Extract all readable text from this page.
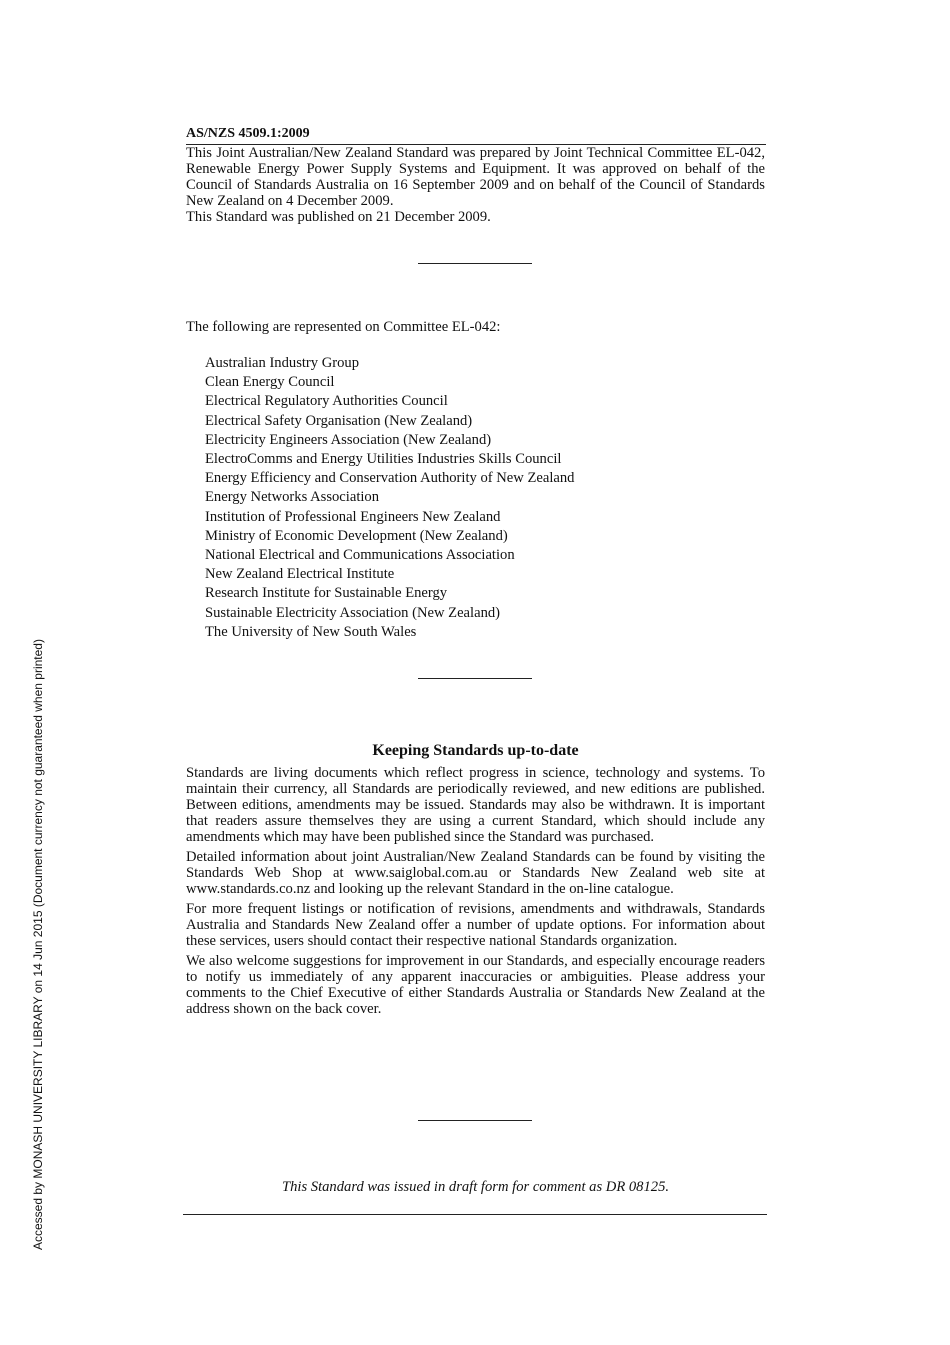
AS/NZS 4509.1:2009

This Joint Australian/New Zealand Standard was prepared by Joint Technical Committee EL-042, Renewable Energy Power Supply Systems and Equipment. It was approved on behalf of the Council of Standards Australia on 16 September 2009 and on behalf of the Council of Standards New Zealand on 4 December 2009.
This Standard was published on 21 December 2009.

The following are represented on Committee EL-042:
Australian Industry Group
Clean Energy Council
Electrical Regulatory Authorities Council
Electrical Safety Organisation (New Zealand)
Electricity Engineers Association (New Zealand)
ElectroComms and Energy Utilities Industries Skills Council
Energy Efficiency and Conservation Authority of New Zealand
Energy Networks Association
Institution of Professional Engineers New Zealand
Ministry of Economic Development (New Zealand)
National Electrical and Communications Association
New Zealand Electrical Institute
Research Institute for Sustainable Energy
Sustainable Electricity Association (New Zealand)
The University of New South Wales
Keeping Standards up-to-date

Standards are living documents which reflect progress in science, technology and systems. To maintain their currency, all Standards are periodically reviewed, and new editions are published. Between editions, amendments may be issued. Standards may also be withdrawn. It is important that readers assure themselves they are using a current Standard, which should include any amendments which may have been published since the Standard was purchased.

Detailed information about joint Australian/New Zealand Standards can be found by visiting the Standards Web Shop at www.saiglobal.com.au or Standards New Zealand web site at www.standards.co.nz and looking up the relevant Standard in the on-line catalogue.

For more frequent listings or notification of revisions, amendments and withdrawals, Standards Australia and Standards New Zealand offer a number of update options. For information about these services, users should contact their respective national Standards organization.

We also welcome suggestions for improvement in our Standards, and especially encourage readers to notify us immediately of any apparent inaccuracies or ambiguities. Please address your comments to the Chief Executive of either Standards Australia or Standards New Zealand at the address shown on the back cover.

This Standard was issued in draft form for comment as DR 08125.
Accessed by MONASH UNIVERSITY LIBRARY on 14 Jun 2015 (Document currency not guaranteed when printed)
